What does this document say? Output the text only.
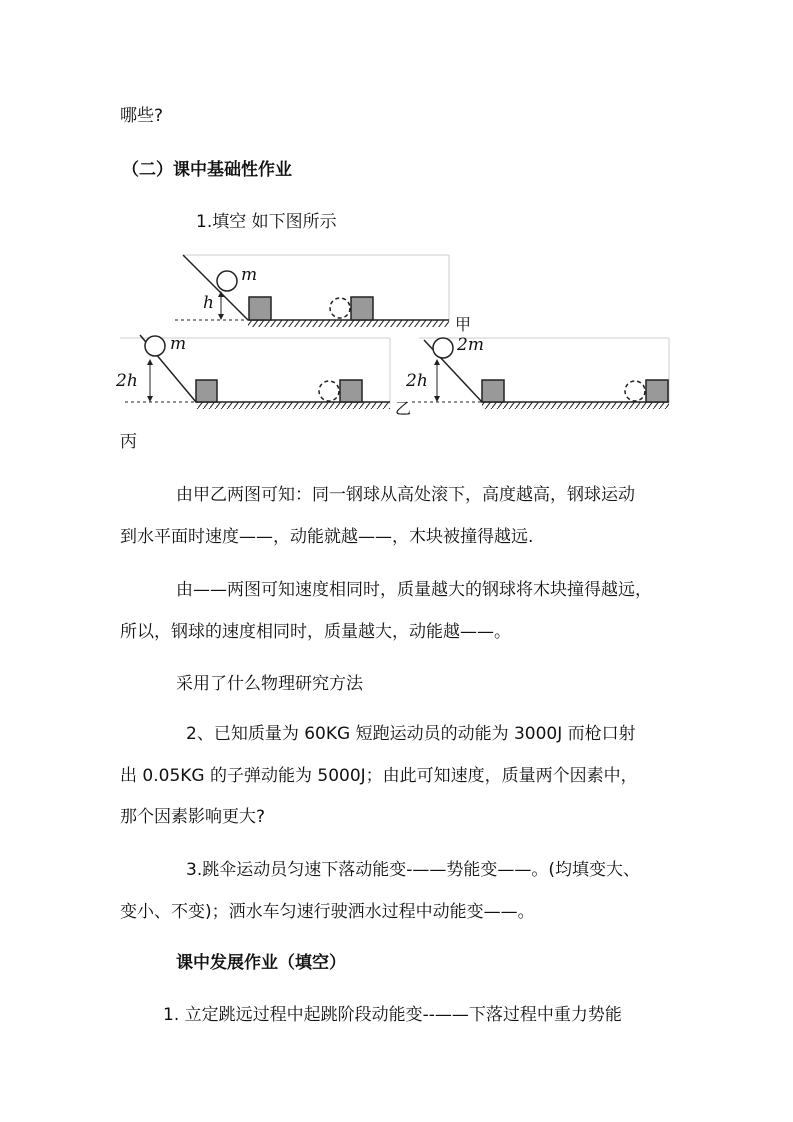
哪些?
（二）课中基础性作业
1.填空 如下图所示
h
m
甲
2h
m
乙
2h
2m
丙
由甲乙两图可知：同一钢球从高处滚下，高度越高，钢球运动
到水平面时速度——，动能就越——，木块被撞得越远.
由——两图可知速度相同时，质量越大的钢球将木块撞得越远，
所以，钢球的速度相同时，质量越大，动能越——。
采用了什么物理研究方法
2、已知质量为 60KG 短跑运动员的动能为 3000J 而枪口射
出 0.05KG 的子弹动能为 5000J；由此可知速度，质量两个因素中，
那个因素影响更大?
3.跳伞运动员匀速下落动能变-——势能变——。(均填变大、
变小、不变)；洒水车匀速行驶洒水过程中动能变——。
课中发展作业（填空）
1. 立定跳远过程中起跳阶段动能变--——下落过程中重力势能
